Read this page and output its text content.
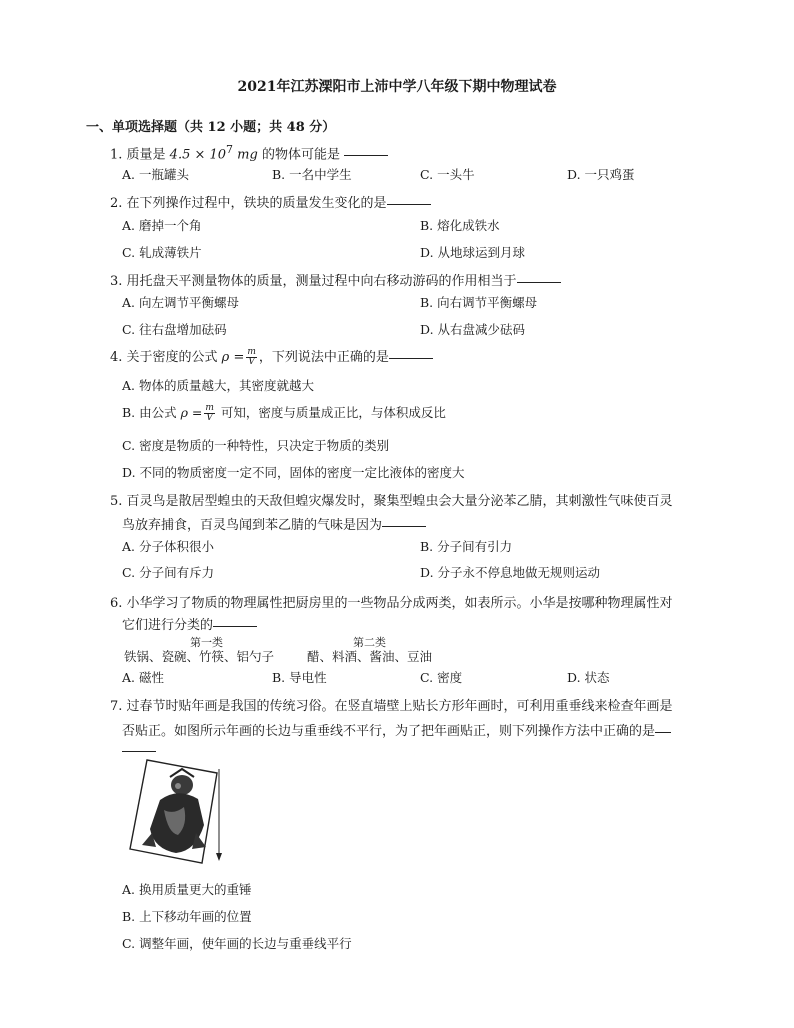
2021年江苏溧阳市上沛中学八年级下期中物理试卷
一、单项选择题（共 12 小题；共 48 分）
1. 质量是 $4.5 \times 10^7$ mg 的物体可能是
A. 一瓶罐头	B. 一名中学生	C. 一头牛	D. 一只鸡蛋
2. 在下列操作过程中，铁块的质量发生变化的是
A. 磨掉一个角	B. 熔化成铁水
C. 轧成薄铁片	D. 从地球运到月球
3. 用托盘天平测量物体的质量，测量过程中向右移动游码的作用相当于
A. 向左调节平衡螺母	B. 向右调节平衡螺母
C. 往右盘增加砝码	D. 从右盘减少砝码
4. 关于密度的公式 $\rho = \frac{m}{V}$ ，下列说法中正确的是
A. 物体的质量越大，其密度就越大
B. 由公式 $\rho = \frac{m}{V}$ 可知，密度与质量成正比，与体积成反比
C. 密度是物质的一种特性，只决定于物质的类别
D. 不同的物质密度一定不同，固体的密度一定比液体的密度大
5. 百灵鸟是散居型蝗虫的天敌但蝗灾爆发时，聚集型蝗虫会大量分泌苯乙腈，其刺激性气味使百灵
鸟放弃捕食，百灵鸟闻到苯乙腈的气味是因为
A. 分子体积很小	B. 分子间有引力
C. 分子间有斥力	D. 分子永不停息地做无规则运动
6. 小华学习了物质的物理属性把厨房里的一些物品分成两类，如表所示。小华是按哪种物理属性对
它们进行分类的
第一类	第二类
铁锅、瓷碗、竹筷、铝勺子	醋、料酒、酱油、豆油
A. 磁性	B. 导电性	C. 密度	D. 状态
7. 过春节时贴年画是我国的传统习俗。在竖直墙壁上贴长方形年画时，可利用重垂线来检查年画是
否贴正。如图所示年画的长边与重垂线不平行，为了把年画贴正，则下列操作方法中正确的是
A. 换用质量更大的重锤
B. 上下移动年画的位置
C. 调整年画，使年画的长边与重垂线平行
